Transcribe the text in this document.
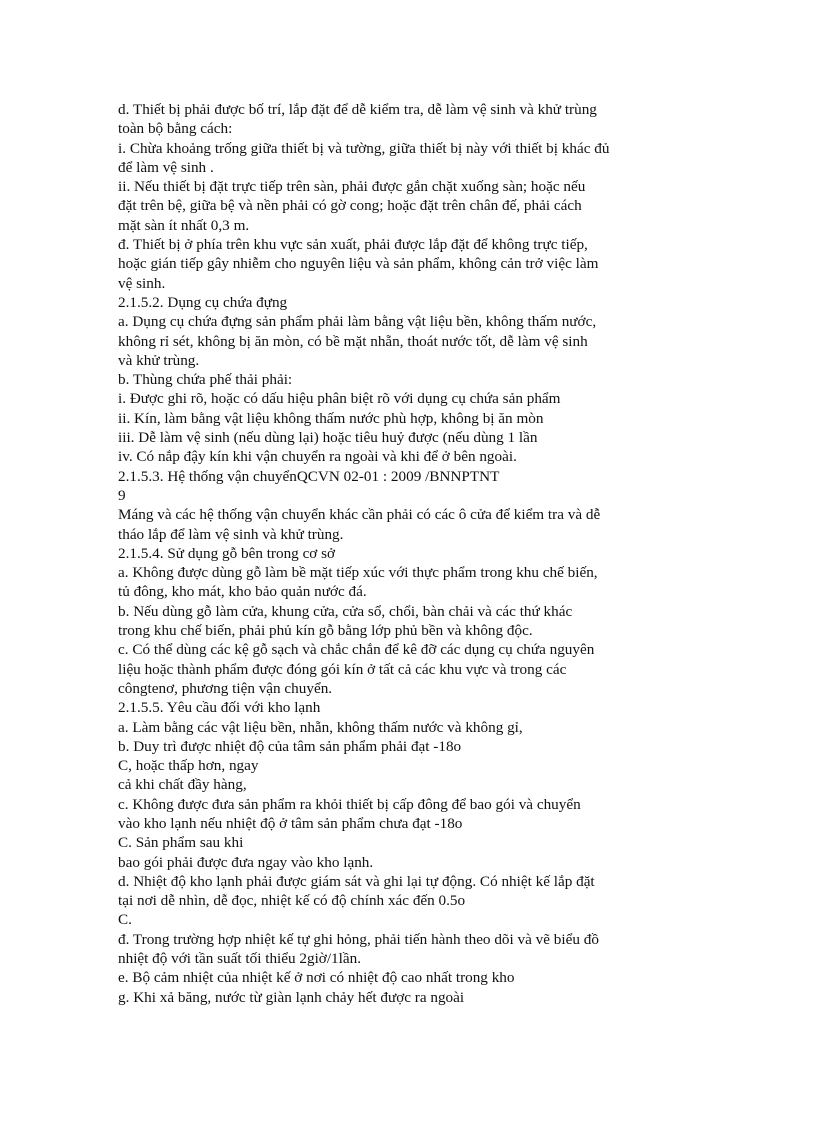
d. Thiết bị phải được bố trí, lắp đặt để dễ kiểm tra, dễ làm vệ sinh và khử trùng

toàn bộ bằng cách:

i. Chừa khoảng trống giữa thiết bị và tường, giữa thiết bị này với thiết bị khác đủ

để làm vệ sinh .

ii. Nếu thiết bị đặt trực tiếp trên sàn, phải được gắn chặt xuống sàn; hoặc nếu

đặt trên bệ, giữa bệ và nền phải có gờ cong; hoặc đặt trên chân đế, phải cách

mặt sàn ít nhất 0,3 m.

đ. Thiết bị ở phía trên khu vực sản xuất, phải được lắp đặt để không trực tiếp,

hoặc gián tiếp gây nhiễm cho nguyên liệu và sản phẩm, không cản trở việc làm

vệ sinh.

2.1.5.2. Dụng cụ chứa đựng

a. Dụng cụ chứa đựng sản phẩm phải làm bằng vật liệu bền, không thấm nước,

không rỉ sét, không bị ăn mòn, có bề mặt nhẵn, thoát nước tốt, dễ làm vệ sinh

và khử trùng.

b. Thùng chứa phế thải phải:

i. Được ghi rõ, hoặc có dấu hiệu phân biệt rõ với dụng cụ chứa sản phẩm

ii. Kín, làm bằng vật liệu không thấm nước phù hợp, không bị ăn mòn

iii. Dễ làm vệ sinh (nếu dùng lại) hoặc tiêu huỷ được (nếu dùng 1 lần

iv. Có nắp đậy kín khi vận chuyển ra ngoài và khi để ở bên ngoài.

2.1.5.3. Hệ thống vận chuyểnQCVN 02-01 : 2009 /BNNPTNT

9

Máng và các hệ thống vận chuyển khác cần phải có các ô cửa để kiểm tra và dễ

tháo lắp để làm vệ sinh và khử trùng.

2.1.5.4. Sử dụng gỗ bên trong cơ sở

a. Không được dùng gỗ làm bề mặt tiếp xúc với thực phẩm trong khu chế biến,

tủ đông, kho mát, kho bảo quản nước đá.

b. Nếu dùng gỗ làm cửa, khung cửa, cửa sổ, chổi, bàn chải và các thứ khác

trong khu chế biến, phải phủ kín gỗ bằng lớp phủ bền và không độc.

c. Có thể dùng các kệ gỗ sạch và chắc chắn để kê đỡ các dụng cụ chứa nguyên

liệu hoặc thành phẩm được đóng gói kín ở tất cả các khu vực và trong các

côngtenơ, phương tiện vận chuyển.

2.1.5.5. Yêu cầu đối với kho lạnh

a. Làm bằng các vật liệu bền, nhẵn, không thấm nước và không gỉ,

b. Duy trì được nhiệt độ của tâm sản phẩm phải đạt -18o

C, hoặc thấp hơn, ngay

cả khi chất đầy hàng,

c. Không được đưa sản phẩm ra khỏi thiết bị cấp đông để bao gói và chuyển

vào kho lạnh nếu nhiệt độ ở tâm sản phẩm chưa đạt -18o

C. Sản phẩm sau khi

bao gói phải được đưa ngay vào kho lạnh.

d. Nhiệt độ kho lạnh phải được giám sát và ghi lại tự động. Có nhiệt kế lắp đặt

tại nơi dễ nhìn, dễ đọc, nhiệt kế có độ chính xác đến 0.5o

C.

đ. Trong trường hợp nhiệt kế tự ghi hỏng, phải tiến hành theo dõi và vẽ biểu đồ

nhiệt độ với tần suất tối thiểu 2giờ/1lần.

e. Bộ cảm nhiệt của nhiệt kế ở nơi có nhiệt độ cao nhất trong kho

g. Khi xả băng, nước từ giàn lạnh chảy hết được ra ngoài
